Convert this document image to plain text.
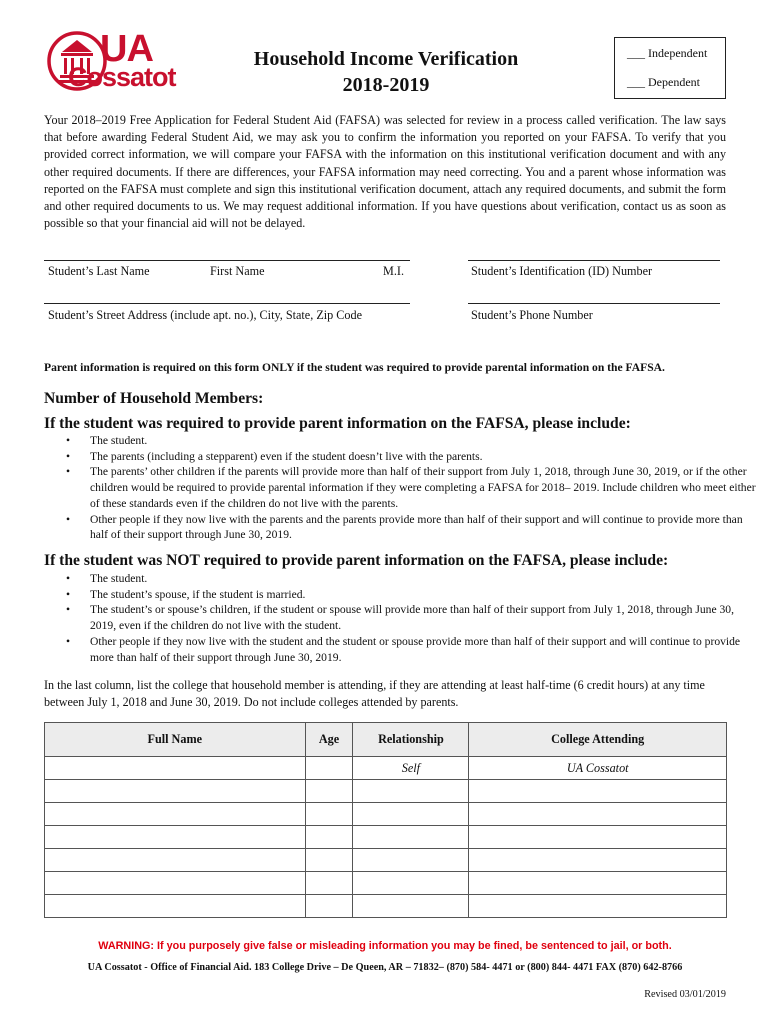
UA
Cossatot
Household Income Verification
2018-2019
___ Independent
___ Dependent
Your 2018–2019 Free Application for Federal Student Aid (FAFSA) was selected for review in a process called verification. The law says that before awarding Federal Student Aid, we may ask you to confirm the information you reported on your FAFSA. To verify that you provided correct information, we will compare your FAFSA with the information on this institutional verification document and with any other required documents. If there are differences, your FAFSA information may need correcting. You and a parent whose information was reported on the FAFSA must complete and sign this institutional verification document, attach any required documents, and submit the form and other required documents to us. We may request additional information. If you have questions about verification, contact us as soon as possible so that your financial aid will not be delayed.
Student’s Last Name	First Name	M.I.	Student’s Identification (ID) Number
Student’s Street Address (include apt. no.), City, State, Zip Code	Student’s Phone Number
Parent information is required on this form ONLY if the student was required to provide parental information on the FAFSA.
Number of Household Members:
If the student was required to provide parent information on the FAFSA, please include:
• The student.
• The parents (including a stepparent) even if the student doesn’t live with the parents.
• The parents’ other children if the parents will provide more than half of their support from July 1, 2018, through June 30, 2019, or if the other children would be required to provide parental information if they were completing a FAFSA for 2018– 2019. Include children who meet either of these standards even if the children do not live with the parents.
• Other people if they now live with the parents and the parents provide more than half of their support and will continue to provide more than half of their support through June 30, 2019.
If the student was NOT required to provide parent information on the FAFSA, please include:
• The student.
• The student’s spouse, if the student is married.
• The student’s or spouse’s children, if the student or spouse will provide more than half of their support from July 1, 2018, through June 30, 2019, even if the children do not live with the student.
• Other people if they now live with the student and the student or spouse provide more than half of their support and will continue to provide more than half of their support through June 30, 2019.
In the last column, list the college that household member is attending, if they are attending at least half-time (6 credit hours) at any time between July 1, 2018 and June 30, 2019. Do not include colleges attended by parents.
Full Name	Age	Relationship	College Attending
		Self	UA Cossatot

WARNING: If you purposely give false or misleading information you may be fined, be sentenced to jail, or both.
UA Cossatot - Office of Financial Aid. 183 College Drive – De Queen, AR – 71832– (870) 584- 4471 or (800) 844- 4471 FAX (870) 642-8766
Revised 03/01/2019
